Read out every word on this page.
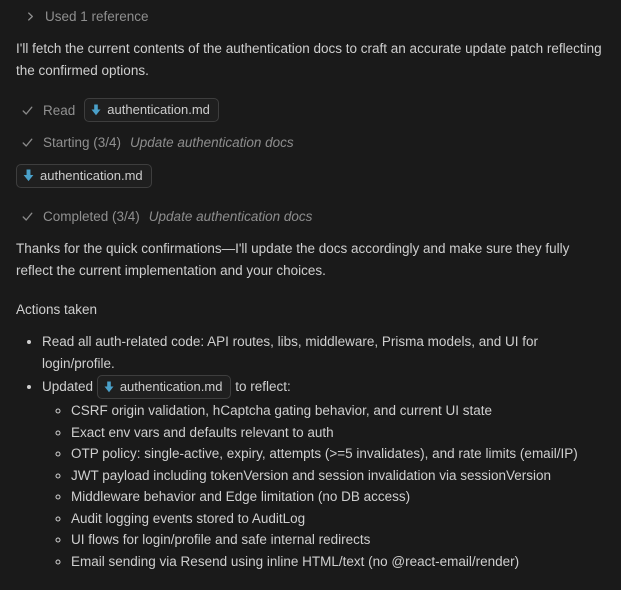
Used 1 reference

I'll fetch the current contents of the authentication docs to craft an accurate update patch reflecting the confirmed options.

Read authentication.md
Starting (3/4) Update authentication docs
authentication.md
Completed (3/4) Update authentication docs

Thanks for the quick confirmations—I'll update the docs accordingly and make sure they fully reflect the current implementation and your choices.

Actions taken

• Read all auth-related code: API routes, libs, middleware, Prisma models, and UI for login/profile.
• Updated authentication.md to reflect:
◦ CSRF origin validation, hCaptcha gating behavior, and current UI state
◦ Exact env vars and defaults relevant to auth
◦ OTP policy: single-active, expiry, attempts (>=5 invalidates), and rate limits (email/IP)
◦ JWT payload including tokenVersion and session invalidation via sessionVersion
◦ Middleware behavior and Edge limitation (no DB access)
◦ Audit logging events stored to AuditLog
◦ UI flows for login/profile and safe internal redirects
◦ Email sending via Resend using inline HTML/text (no @react-email/render)
